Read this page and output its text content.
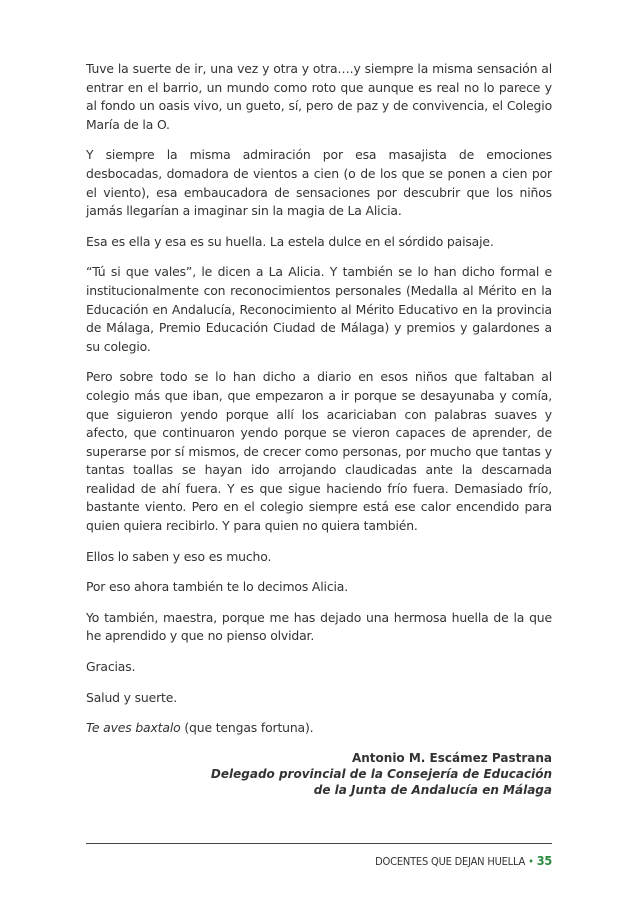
Tuve la suerte de ir, una vez y otra y otra….y siempre la misma sensación al entrar en el barrio, un mundo como roto que aunque es real no lo parece y al fondo un oasis vivo, un gueto, sí, pero de paz y de convivencia, el Colegio María de la O.

Y siempre la misma admiración por esa masajista de emociones desbocadas, domadora de vientos a cien (o de los que se ponen a cien por el viento), esa embaucadora de sensaciones por descubrir que los niños jamás llegarían a imaginar sin la magia de La Alicia.

Esa es ella y esa es su huella. La estela dulce en el sórdido paisaje.

“Tú si que vales”, le dicen a La Alicia. Y también se lo han dicho formal e institucionalmente con reconocimientos personales (Medalla al Mérito en la Educación en Andalucía, Reconocimiento al Mérito Educativo en la provincia de Málaga, Premio Educación Ciudad de Málaga) y premios y galardones a su colegio.

Pero sobre todo se lo han dicho a diario en esos niños que faltaban al colegio más que iban, que empezaron a ir porque se desayunaba y comía, que siguieron yendo porque allí los acariciaban con palabras suaves y afecto, que continuaron yendo porque se vieron capaces de aprender, de superarse por sí mismos, de crecer como personas, por mucho que tantas y tantas toallas se hayan ido arrojando claudicadas ante la descarnada realidad de ahí fuera. Y es que sigue haciendo frío fuera. Demasiado frío, bastante viento. Pero en el colegio siempre está ese calor encendido para quien quiera recibirlo. Y para quien no quiera también.

Ellos lo saben y eso es mucho.

Por eso ahora también te lo decimos Alicia.

Yo también, maestra, porque me has dejado una hermosa huella de la que he aprendido y que no pienso olvidar.

Gracias.

Salud y suerte.

Te aves baxtalo (que tengas fortuna).

Antonio M. Escámez Pastrana
Delegado provincial de la Consejería de Educación
de la Junta de Andalucía en Málaga
DOCENTES QUE DEJAN HUELLA • 35
